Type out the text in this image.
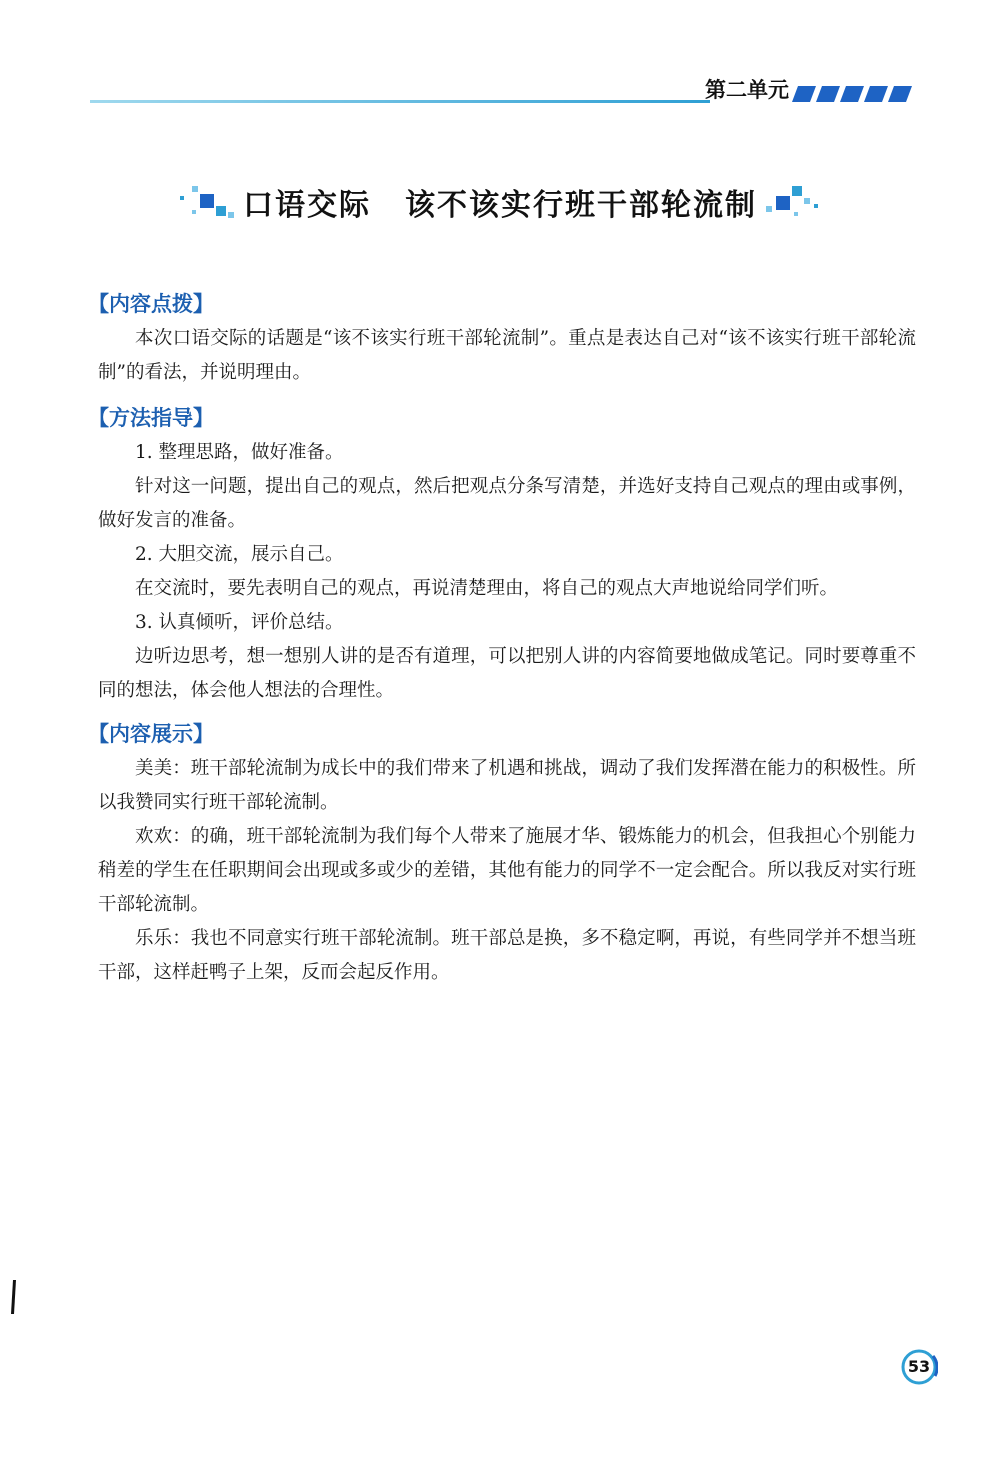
第二单元
口语交际 该不该实行班干部轮流制
【内容点拨】

本次口语交际的话题是“该不该实行班干部轮流制”。重点是表达自己对“该不该实行班干部轮流制”的看法，并说明理由。

【方法指导】

1. 整理思路，做好准备。

针对这一问题，提出自己的观点，然后把观点分条写清楚，并选好支持自己观点的理由或事例，做好发言的准备。

2. 大胆交流，展示自己。

在交流时，要先表明自己的观点，再说清楚理由，将自己的观点大声地说给同学们听。

3. 认真倾听，评价总结。

边听边思考，想一想别人讲的是否有道理，可以把别人讲的内容简要地做成笔记。同时要尊重不同的想法，体会他人想法的合理性。

【内容展示】

美美：班干部轮流制为成长中的我们带来了机遇和挑战，调动了我们发挥潜在能力的积极性。所以我赞同实行班干部轮流制。

欢欢：的确，班干部轮流制为我们每个人带来了施展才华、锻炼能力的机会，但我担心个别能力稍差的学生在任职期间会出现或多或少的差错，其他有能力的同学不一定会配合。所以我反对实行班干部轮流制。

乐乐：我也不同意实行班干部轮流制。班干部总是换，多不稳定啊，再说，有些同学并不想当班干部，这样赶鸭子上架，反而会起反作用。

53
